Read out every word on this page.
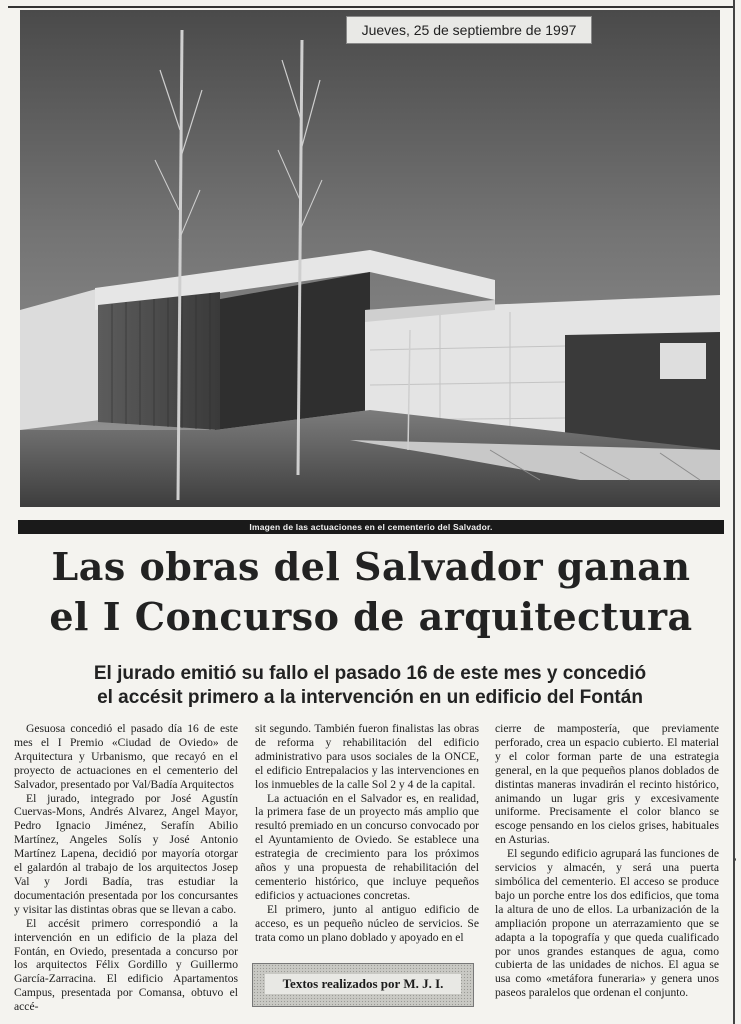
Jueves, 25 de septiembre de 1997
Imagen de las actuaciones en el cementerio del Salvador.
Las obras del Salvador ganan
el I Concurso de arquitectura
El jurado emitió su fallo el pasado 16 de este mes y concedió
el accésit primero a la intervención en un edificio del Fontán

Gesuosa concedió el pasado día 16 de este mes el I Premio «Ciudad de Oviedo» de Arquitectura y Urbanismo, que recayó en el proyecto de actuaciones en el cementerio del Salvador, presentado por Val/Badía Arquitectos

El jurado, integrado por José Agustín Cuervas-Mons, Andrés Alvarez, Angel Mayor, Pedro Ignacio Jiménez, Serafín Abilio Martínez, Angeles Solís y José Antonio Martínez Lapena, decidió por mayoría otorgar el galardón al trabajo de los arquitectos Josep Val y Jordi Badía, tras estudiar la documentación presentada por los concursantes y visitar las distintas obras que se llevan a cabo.

El accésit primero correspondió a la intervención en un edificio de la plaza del Fontán, en Oviedo, presentada a concurso por los arquitectos Félix Gordillo y Guillermo García-Zarracina. El edificio Apartamentos Campus, presentada por Comansa, obtuvo el accé-

sit segundo. También fueron finalistas las obras de reforma y rehabilitación del edificio administrativo para usos sociales de la ONCE, el edificio Entrepalacios y las intervenciones en los inmuebles de la calle Sol 2 y 4 de la capital.

La actuación en el Salvador es, en realidad, la primera fase de un proyecto más amplio que resultó premiado en un concurso convocado por el Ayuntamiento de Oviedo. Se establece una estrategia de crecimiento para los próximos años y una propuesta de rehabilitación del cementerio histórico, que incluye pequeños edificios y actuaciones concretas.

El primero, junto al antiguo edificio de acceso, es un pequeño núcleo de servicios. Se trata como un plano doblado y apoyado en el

cierre de mampostería, que previamente perforado, crea un espacio cubierto. El material y el color forman parte de una estrategia general, en la que pequeños planos doblados de distintas maneras invadirán el recinto histórico, animando un lugar gris y excesivamente uniforme. Precisamente el color blanco se escoge pensando en los cielos grises, habituales en Asturias.

El segundo edificio agrupará las funciones de servicios y almacén, y será una puerta simbólica del cementerio. El acceso se produce bajo un porche entre los dos edificios, que toma la altura de uno de ellos. La urbanización de la ampliación propone un aterrazamiento que se adapta a la topografía y que queda cualificado por unos grandes estanques de agua, como cubierta de las unidades de nichos. El agua se usa como «metáfora funeraria» y genera unos paseos paralelos que ordenan el conjunto.

Textos realizados por M. J. I.
